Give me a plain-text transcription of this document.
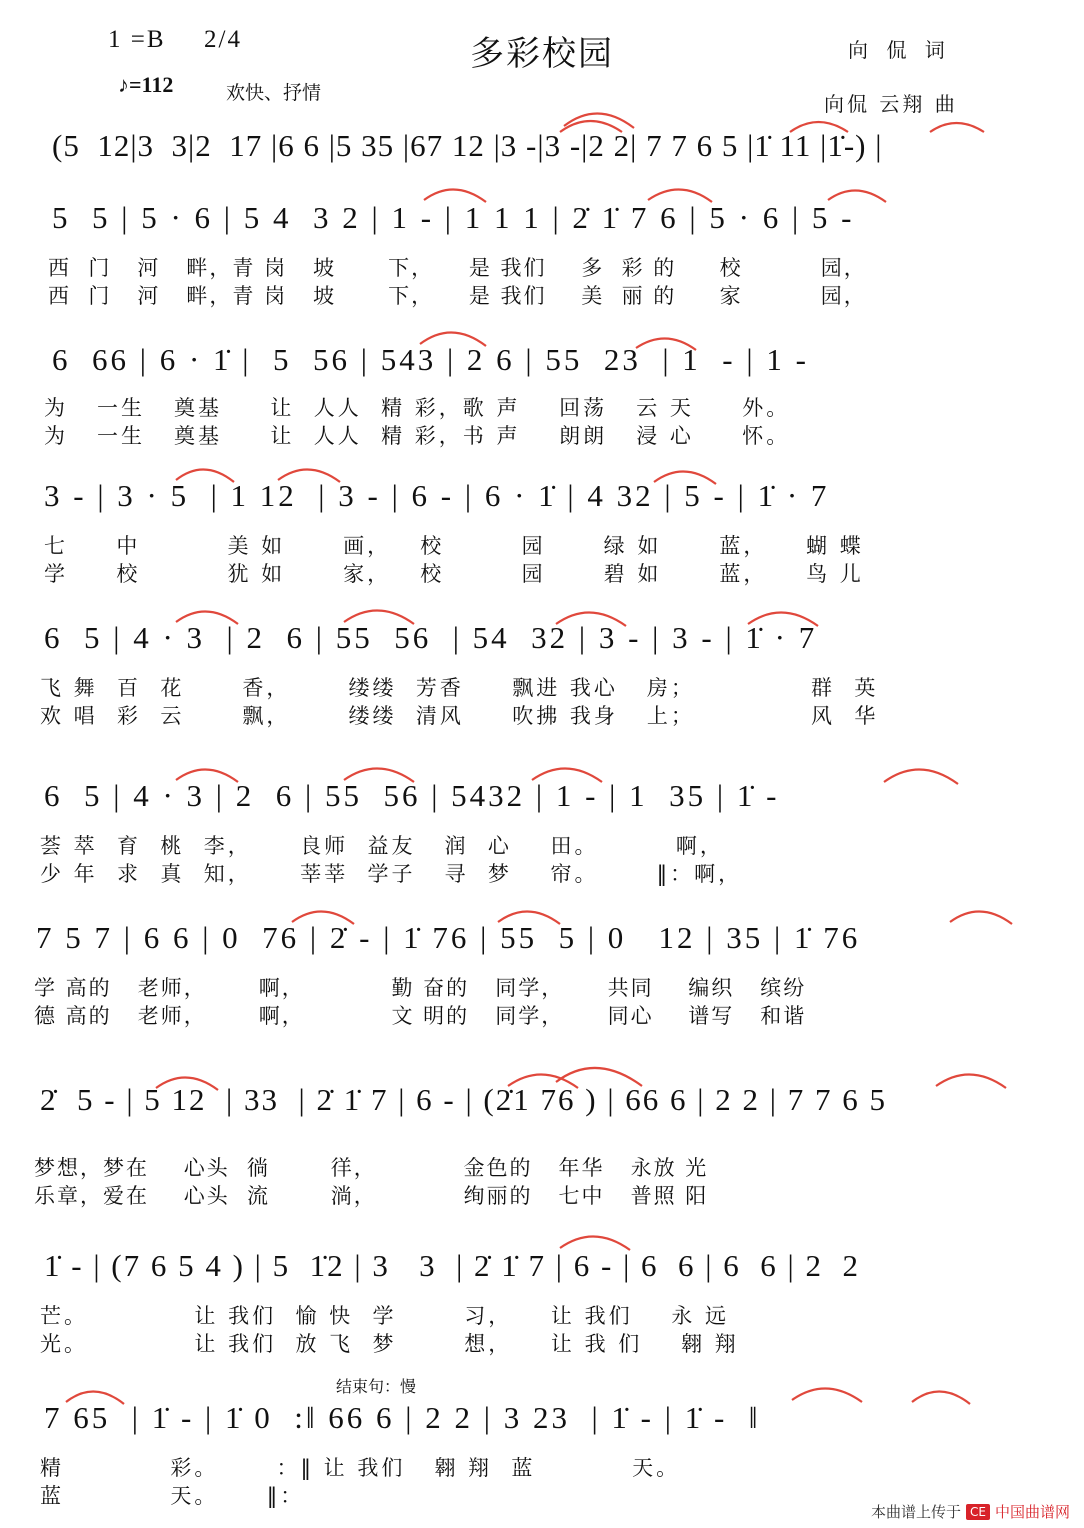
1 =B 2/4
♪=112	欢快、抒情
多彩校园	向 侃 词
向侃 云翔 曲
(5  12|3  3|2  17 |6 6 |5 35 |67 12 |3 -|3 -|2 2| 7 7 6 5 |1̇ 11 |1̇-) |
5  5 | 5 · 6 | 5 4  3 2 | 1 - | 1 1 1 | 2̇ 1̇ 7 6 | 5 · 6 | 5 -
西  门   河   畔，青 岗   坡      下，    是 我们    多  彩 的     校         园，
西  门   河   畔，青 岗   坡      下，    是 我们    美  丽 的     家         园，
6  66 | 6 · 1̇ |  5  56 | 543 | 2 6 | 55  23  | 1  - | 1 -
为   一生   奠基     让  人人  精 彩，歌 声    回荡   云 天     外。
为   一生   奠基     让  人人  精 彩，书 声    朗朗   浸 心     怀。
3 - | 3 · 5  | 1 12  | 3 - | 6 - | 6 · 1̇ | 4 32 | 5 - | 1̇ · 7
七     中         美 如      画，   校        园      绿 如      蓝，    蝴 蝶
学     校         犹 如      家，   校        园      碧 如      蓝，    鸟 儿
6  5 | 4 · 3  | 2  6 | 55  56  | 54  32 | 3 - | 3 - | 1̇ · 7
飞 舞  百  花      香，      缕缕  芳香     飘进 我心   房；            群  英
欢 唱  彩  云      飘，      缕缕  清风     吹拂 我身   上；            风  华
6  5 | 4 · 3 | 2  6 | 55  56 | 5432 | 1 - | 1  35 | 1̇ -
荟 萃  育  桃  李，     良师  益友   润  心    田。        啊，
少 年  求  真  知，     莘莘  学子   寻  梦    帘。      ‖：啊，
7 5 7 | 6 6 | 0  76 | 2̇ - | 1̇ 76 | 55  5 | 0   12 | 35 | 1̇ 76
学 高的   老师，      啊，          勤 奋的   同学，     共同    编织   缤纷
德 高的   老师，      啊，          文 明的   同学，     同心    谱写   和谐
2̇  5 - | 5 12  | 33  | 2̇ 1̇ 7 | 6 - | (2̇1 76 ) | 66 6 | 2 2 | 7 7 6 5
梦想，梦在    心头  徜       徉，          金色的   年华   永放 光
乐章，爱在    心头  流       淌，          绚丽的   七中   普照 阳
1̇ - | (7 6 5 4 ) | 5  1̇2 | 3   3  | 2̇ 1̇ 7 | 6 - | 6  6 | 6  6 | 2  2
芒。           让 我们  愉 快  学       习，    让 我们    永 远
光。           让 我们  放 飞  梦       想，    让 我 们    翱 翔
结束句：慢
7 65  | 1̇ - | 1̇ 0  :‖ 66 6 | 2 2 | 3 23  | 1̇ - | 1̇ -  ‖
精           彩。      ：‖ 让 我们   翱 翔  蓝          天。
蓝           天。     ‖：
本曲谱上传于 CE 中国曲谱网
